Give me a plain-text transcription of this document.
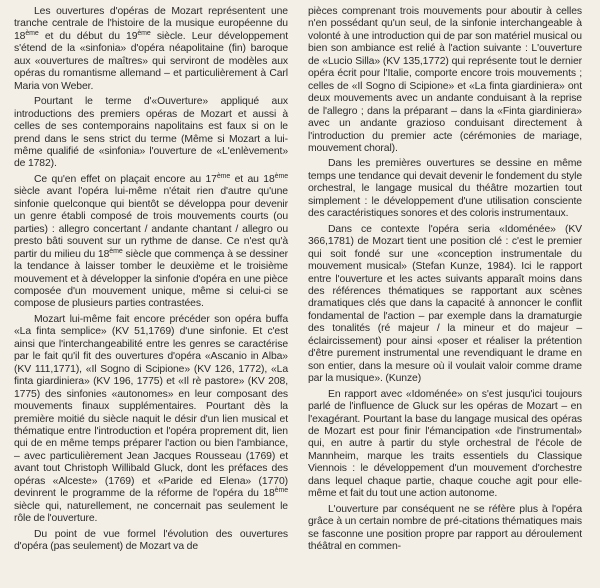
Les ouvertures d'opéras de Mozart représentent une tranche centrale de l'histoire de la musique européenne du 18ème et du début du 19ème siècle. Leur développement s'étend de la «sinfonia» d'opéra néapolitaine (fin) baroque aux «ouvertures de maîtres» qui serviront de modèles aux opéras du romantisme allemand – et particulièrement à Carl Maria von Weber.

Pourtant le terme d'«Ouverture» appliqué aux introductions des premiers opéras de Mozart et aussi à celles de ses contemporains napolitains est faux si on le prend dans le sens strict du terme (Même si Mozart a lui-même qualifié de «sinfonia» l'ouverture de «L'enlèvement» de 1782).

Ce qu'en effet on plaçait encore au 17ème et au 18ème siècle avant l'opéra lui-même n'était rien d'autre qu'une sinfonie quelconque qui bientôt se développa pour devenir un genre établi composé de trois mouvements courts (ou parties) : allegro concertant / andante chantant / allegro ou presto bâti souvent sur un rythme de danse. Ce n'est qu'à partir du milieu du 18ème siècle que commença à se dessiner la tendance à laisser tomber le deuxième et le troisième mouvement et à développer la sinfonie d'opéra en une pièce composée d'un mouvement unique, même si celui-ci se compose de plusieurs parties contrastées.

Mozart lui-même fait encore précéder son opéra buffa «La finta semplice» (KV 51,1769) d'une sinfonie. Et c'est ainsi que l'interchangeabilité entre les genres se caractérise par le fait qu'il fit des ouvertures d'opéra «Ascanio in Alba» (KV 111,1771), «Il Sogno di Scipione» (KV 126, 1772), «La finta giardiniera» (KV 196, 1775) et «Il rè pastore» (KV 208, 1775) des sinfonies «autonomes» en leur composant des mouvements finaux supplémentaires. Pourtant dès la première moitié du siècle naquit le désir d'un lien musical et thématique entre l'introduction et l'opéra proprement dit, lien qui de en même temps préparer l'action ou bien l'ambiance, – avec particulièrement Jean Jacques Rousseau (1769) et avant tout Christoph Willibald Gluck, dont les préfaces des opéras «Alceste» (1769) et «Paride ed Elena» (1770) devinrent le programme de la réforme de l'opéra du 18ème siècle qui, naturellement, ne concernait pas seulement le rôle de l'ouverture.

Du point de vue formel l'évolution des ouvertures d'opéra (pas seulement) de Mozart va de

pièces comprenant trois mouvements pour aboutir à celles n'en possédant qu'un seul, de la sinfonie interchangeable à volonté à une introduction qui de par son matériel musical ou bien son ambiance est relié à l'action suivante : L'ouverture de «Lucio Silla» (KV 135,1772) qui représente tout le dernier opéra écrit pour l'Italie, comporte encore trois mouvements ; celles de «Il Sogno di Scipione» et «La finta giardiniera» ont deux mouvements avec un andante conduisant à la reprise de l'allegro ; dans la préparant – dans la «Finta giardiniera» avec un andante grazioso conduisant directement à l'introduction du premier acte (cérémonies de mariage, mouvement choral).

Dans les premières ouvertures se dessine en même temps une tendance qui devait devenir le fondement du style orchestral, le langage musical du théâtre mozartien tout simplement : le développement d'une utilisation consciente des caractéristiques sonores et des coloris instrumentaux.

Dans ce contexte l'opéra seria «Idoménée» (KV 366,1781) de Mozart tient une position clé : c'est le premier qui soit fondé sur une «conception instrumentale du mouvement musical» (Stefan Kunze, 1984). Ici le rapport entre l'ouverture et les actes suivants apparaît moins dans des références thématiques se rapportant aux scènes dramatiques clés que dans la capacité à annoncer le conflit fondamental de l'action – par exemple dans la dramaturgie des tonalités (ré majeur / la mineur et do majeur – éclaircissement) pour ainsi «poser et réaliser la prétention d'être purement instrumental une revendiquant le drame en son entier, dans la mesure où il voulait valoir comme drame par la musique». (Kunze)

En rapport avec «Idoménée» on s'est jusqu'ici toujours parlé de l'influence de Gluck sur les opéras de Mozart – en l'exagérant. Pourtant la base du langage musical des opéras de Mozart est pour finir l'émancipation «de l'instrumental» qui, en autre à partir du style orchestral de l'école de Mannheim, marque les traits essentiels du Classique Viennois : le développement d'un mouvement d'orchestre dans lequel chaque partie, chaque couche agit pour elle-même et fait du tout une action autonome.

L'ouverture par conséquent ne se réfère plus à l'opéra grâce à un certain nombre de pré-citations thématiques mais se fasconne une position propre par rapport au déroulement théâtral en commen-
